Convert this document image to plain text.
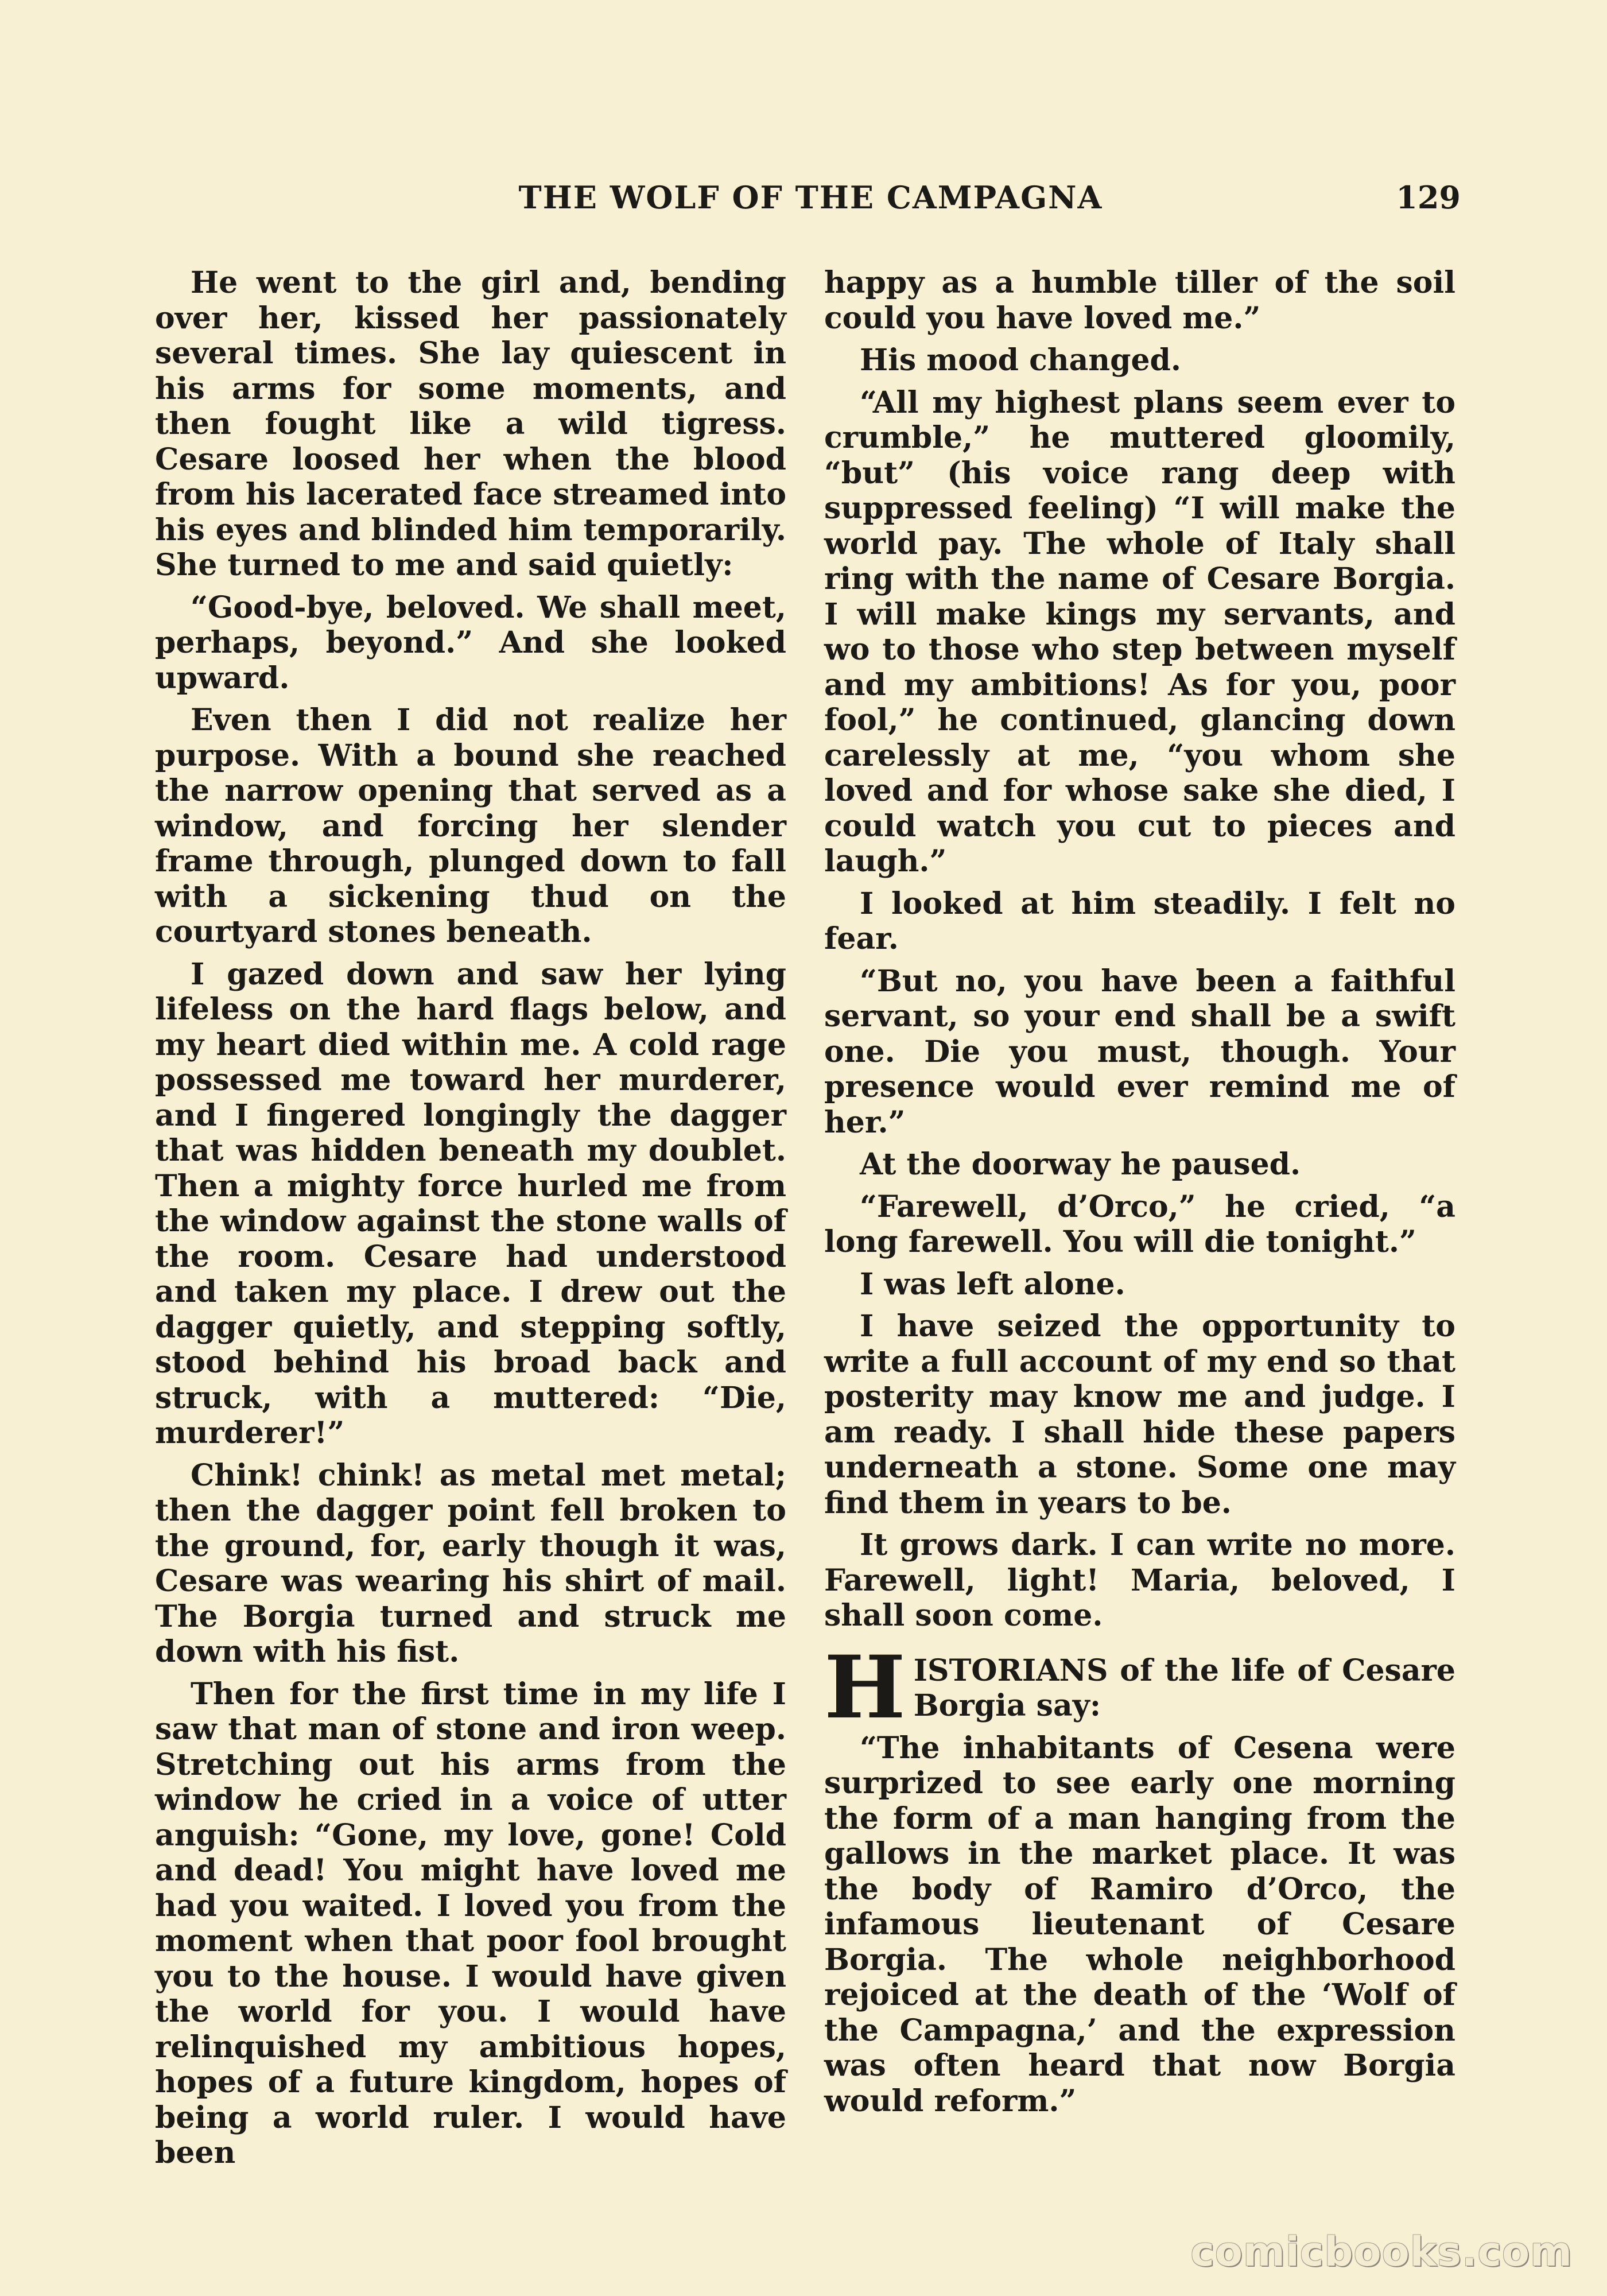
THE WOLF OF THE CAMPAGNA	129

He went to the girl and, bending over her, kissed her passionately several times. She lay quiescent in his arms for some moments, and then fought like a wild tigress. Cesare loosed her when the blood from his lacerated face streamed into his eyes and blinded him temporarily. She turned to me and said quietly:

“Good-bye, beloved. We shall meet, perhaps, beyond.” And she looked upward.

Even then I did not realize her purpose. With a bound she reached the narrow opening that served as a window, and forcing her slender frame through, plunged down to fall with a sickening thud on the courtyard stones beneath.

I gazed down and saw her lying lifeless on the hard flags below, and my heart died within me. A cold rage possessed me toward her murderer, and I fingered longingly the dagger that was hidden beneath my doublet. Then a mighty force hurled me from the window against the stone walls of the room. Cesare had understood and taken my place. I drew out the dagger quietly, and stepping softly, stood behind his broad back and struck, with a muttered: “Die, murderer!”

Chink! chink! as metal met metal; then the dagger point fell broken to the ground, for, early though it was, Cesare was wearing his shirt of mail. The Borgia turned and struck me down with his fist.

Then for the first time in my life I saw that man of stone and iron weep. Stretching out his arms from the window he cried in a voice of utter anguish: “Gone, my love, gone! Cold and dead! You might have loved me had you waited. I loved you from the moment when that poor fool brought you to the house. I would have given the world for you. I would have relinquished my ambitious hopes, hopes of a future kingdom, hopes of being a world ruler. I would have been

happy as a humble tiller of the soil could you have loved me.”

His mood changed.

“All my highest plans seem ever to crumble,” he muttered gloomily, “but” (his voice rang deep with suppressed feeling) “I will make the world pay. The whole of Italy shall ring with the name of Cesare Borgia. I will make kings my servants, and wo to those who step between myself and my ambitions! As for you, poor fool,” he continued, glancing down carelessly at me, “you whom she loved and for whose sake she died, I could watch you cut to pieces and laugh.”

I looked at him steadily. I felt no fear.

“But no, you have been a faithful servant, so your end shall be a swift one. Die you must, though. Your presence would ever remind me of her.”

At the doorway he paused.

“Farewell, d’Orco,” he cried, “a long farewell. You will die tonight.”

I was left alone.

I have seized the opportunity to write a full account of my end so that posterity may know me and judge. I am ready. I shall hide these papers underneath a stone. Some one may find them in years to be.

It grows dark. I can write no more. Farewell, light! Maria, beloved, I shall soon come.

HISTORIANS of the life of Cesare Borgia say:

“The inhabitants of Cesena were surprized to see early one morning the form of a man hanging from the gallows in the market place. It was the body of Ramiro d’Orco, the infamous lieutenant of Cesare Borgia. The whole neighborhood rejoiced at the death of the ‘Wolf of the Campagna,’ and the expression was often heard that now Borgia would reform.”

comicbooks.com
